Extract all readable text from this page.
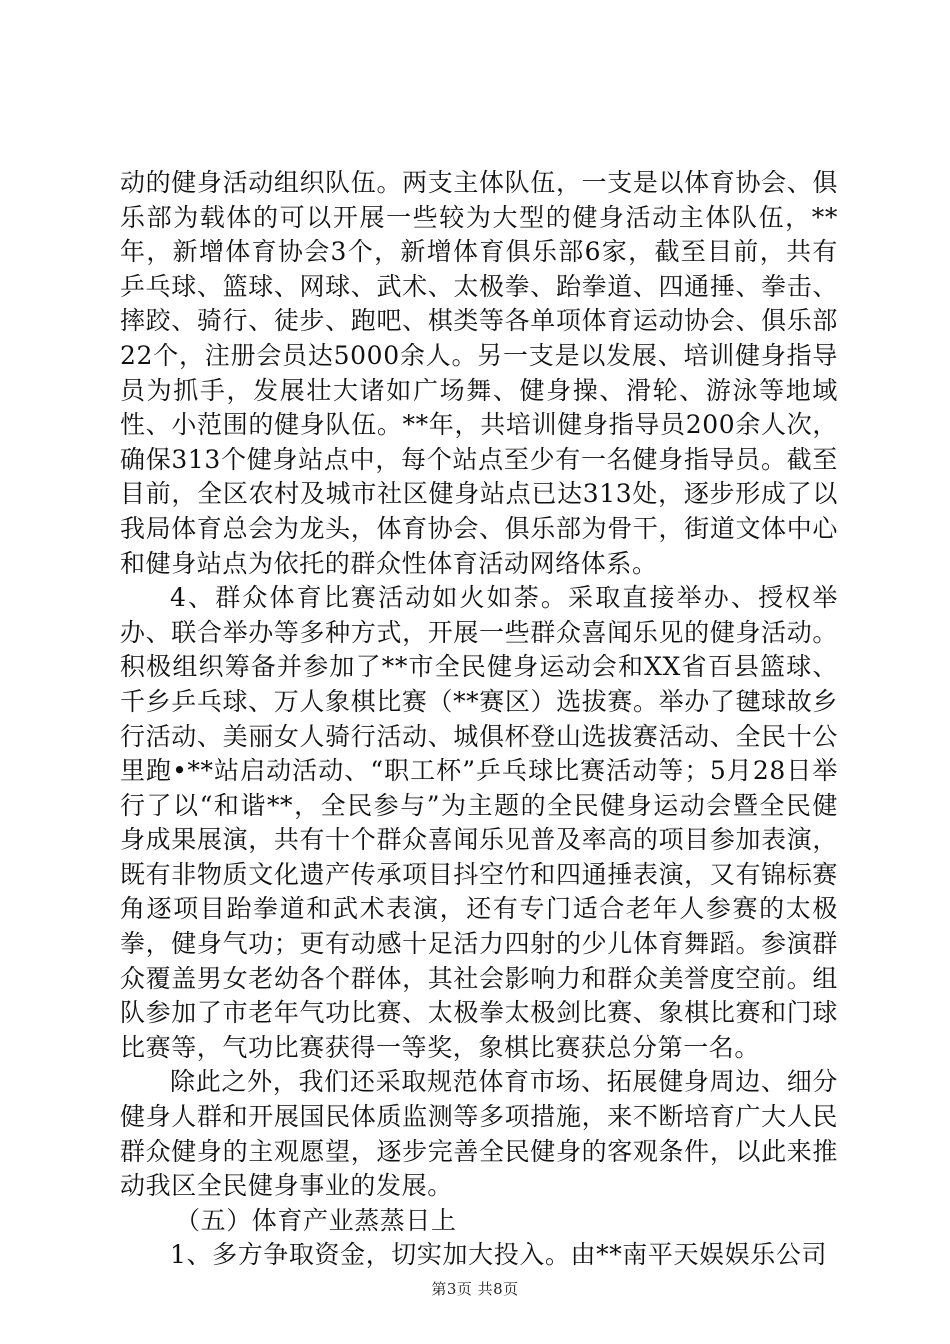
动的健身活动组织队伍。两支主体队伍，一支是以体育协会、俱乐部为载体的可以开展一些较为大型的健身活动主体队伍，**年，新增体育协会3个，新增体育俱乐部6家，截至目前，共有乒乓球、篮球、网球、武术、太极拳、跆拳道、四通捶、拳击、摔跤、骑行、徒步、跑吧、棋类等各单项体育运动协会、俱乐部22个，注册会员达5000余人。另一支是以发展、培训健身指导员为抓手，发展壮大诸如广场舞、健身操、滑轮、游泳等地域性、小范围的健身队伍。**年，共培训健身指导员200余人次，确保313个健身站点中，每个站点至少有一名健身指导员。截至目前，全区农村及城市社区健身站点已达313处，逐步形成了以我局体育总会为龙头，体育协会、俱乐部为骨干，街道文体中心和健身站点为依托的群众性体育活动网络体系。

4、群众体育比赛活动如火如荼。采取直接举办、授权举办、联合举办等多种方式，开展一些群众喜闻乐见的健身活动。积极组织筹备并参加了**市全民健身运动会和XX省百县篮球、千乡乒乓球、万人象棋比赛（**赛区）选拔赛。举办了毽球故乡行活动、美丽女人骑行活动、城俱杯登山选拔赛活动、全民十公里跑•**站启动活动、“职工杯”乒乓球比赛活动等；5月28日举行了以“和谐**，全民参与”为主题的全民健身运动会暨全民健身成果展演，共有十个群众喜闻乐见普及率高的项目参加表演，既有非物质文化遗产传承项目抖空竹和四通捶表演，又有锦标赛角逐项目跆拳道和武术表演，还有专门适合老年人参赛的太极拳，健身气功；更有动感十足活力四射的少儿体育舞蹈。参演群众覆盖男女老幼各个群体，其社会影响力和群众美誉度空前。组队参加了市老年气功比赛、太极拳太极剑比赛、象棋比赛和门球比赛等，气功比赛获得一等奖，象棋比赛获总分第一名。

除此之外，我们还采取规范体育市场、拓展健身周边、细分健身人群和开展国民体质监测等多项措施，来不断培育广大人民群众健身的主观愿望，逐步完善全民健身的客观条件，以此来推动我区全民健身事业的发展。

（五）体育产业蒸蒸日上

1、多方争取资金，切实加大投入。由**南平天娱娱乐公司

第3页 共8页
